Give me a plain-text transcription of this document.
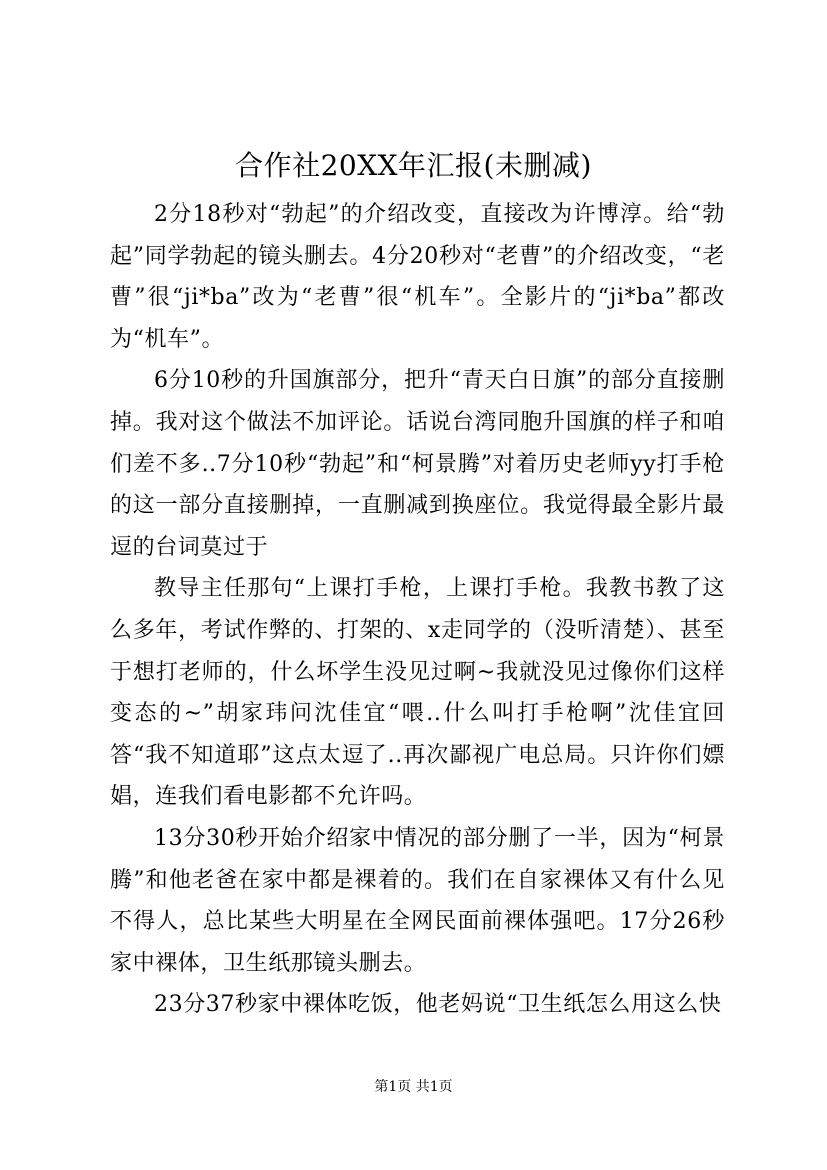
合作社20XX年汇报(未删减)

2分18秒对“勃起”的介绍改变，直接改为许博淳。给“勃起”同学勃起的镜头删去。4分20秒对“老曹”的介绍改变，“老曹”很“ji*ba”改为“老曹”很“机车”。全影片的“ji*ba”都改为“机车”。

6分10秒的升国旗部分，把升“青天白日旗”的部分直接删掉。我对这个做法不加评论。话说台湾同胞升国旗的样子和咱们差不多..7分10秒“勃起”和“柯景腾”对着历史老师yy打手枪的这一部分直接删掉，一直删减到换座位。我觉得最全影片最逗的台词莫过于

教导主任那句“上课打手枪，上课打手枪。我教书教了这么多年，考试作弊的、打架的、x走同学的（没听清楚）、甚至于想打老师的，什么坏学生没见过啊~我就没见过像你们这样变态的~”胡家玮问沈佳宜“喂..什么叫打手枪啊”沈佳宜回答“我不知道耶”这点太逗了..再次鄙视广电总局。只许你们嫖娼，连我们看电影都不允许吗。

13分30秒开始介绍家中情况的部分删了一半，因为“柯景腾”和他老爸在家中都是裸着的。我们在自家裸体又有什么见不得人，总比某些大明星在全网民面前裸体强吧。17分26秒家中裸体，卫生纸那镜头删去。

23分37秒家中裸体吃饭，他老妈说“卫生纸怎么用这么快

第1页 共1页
